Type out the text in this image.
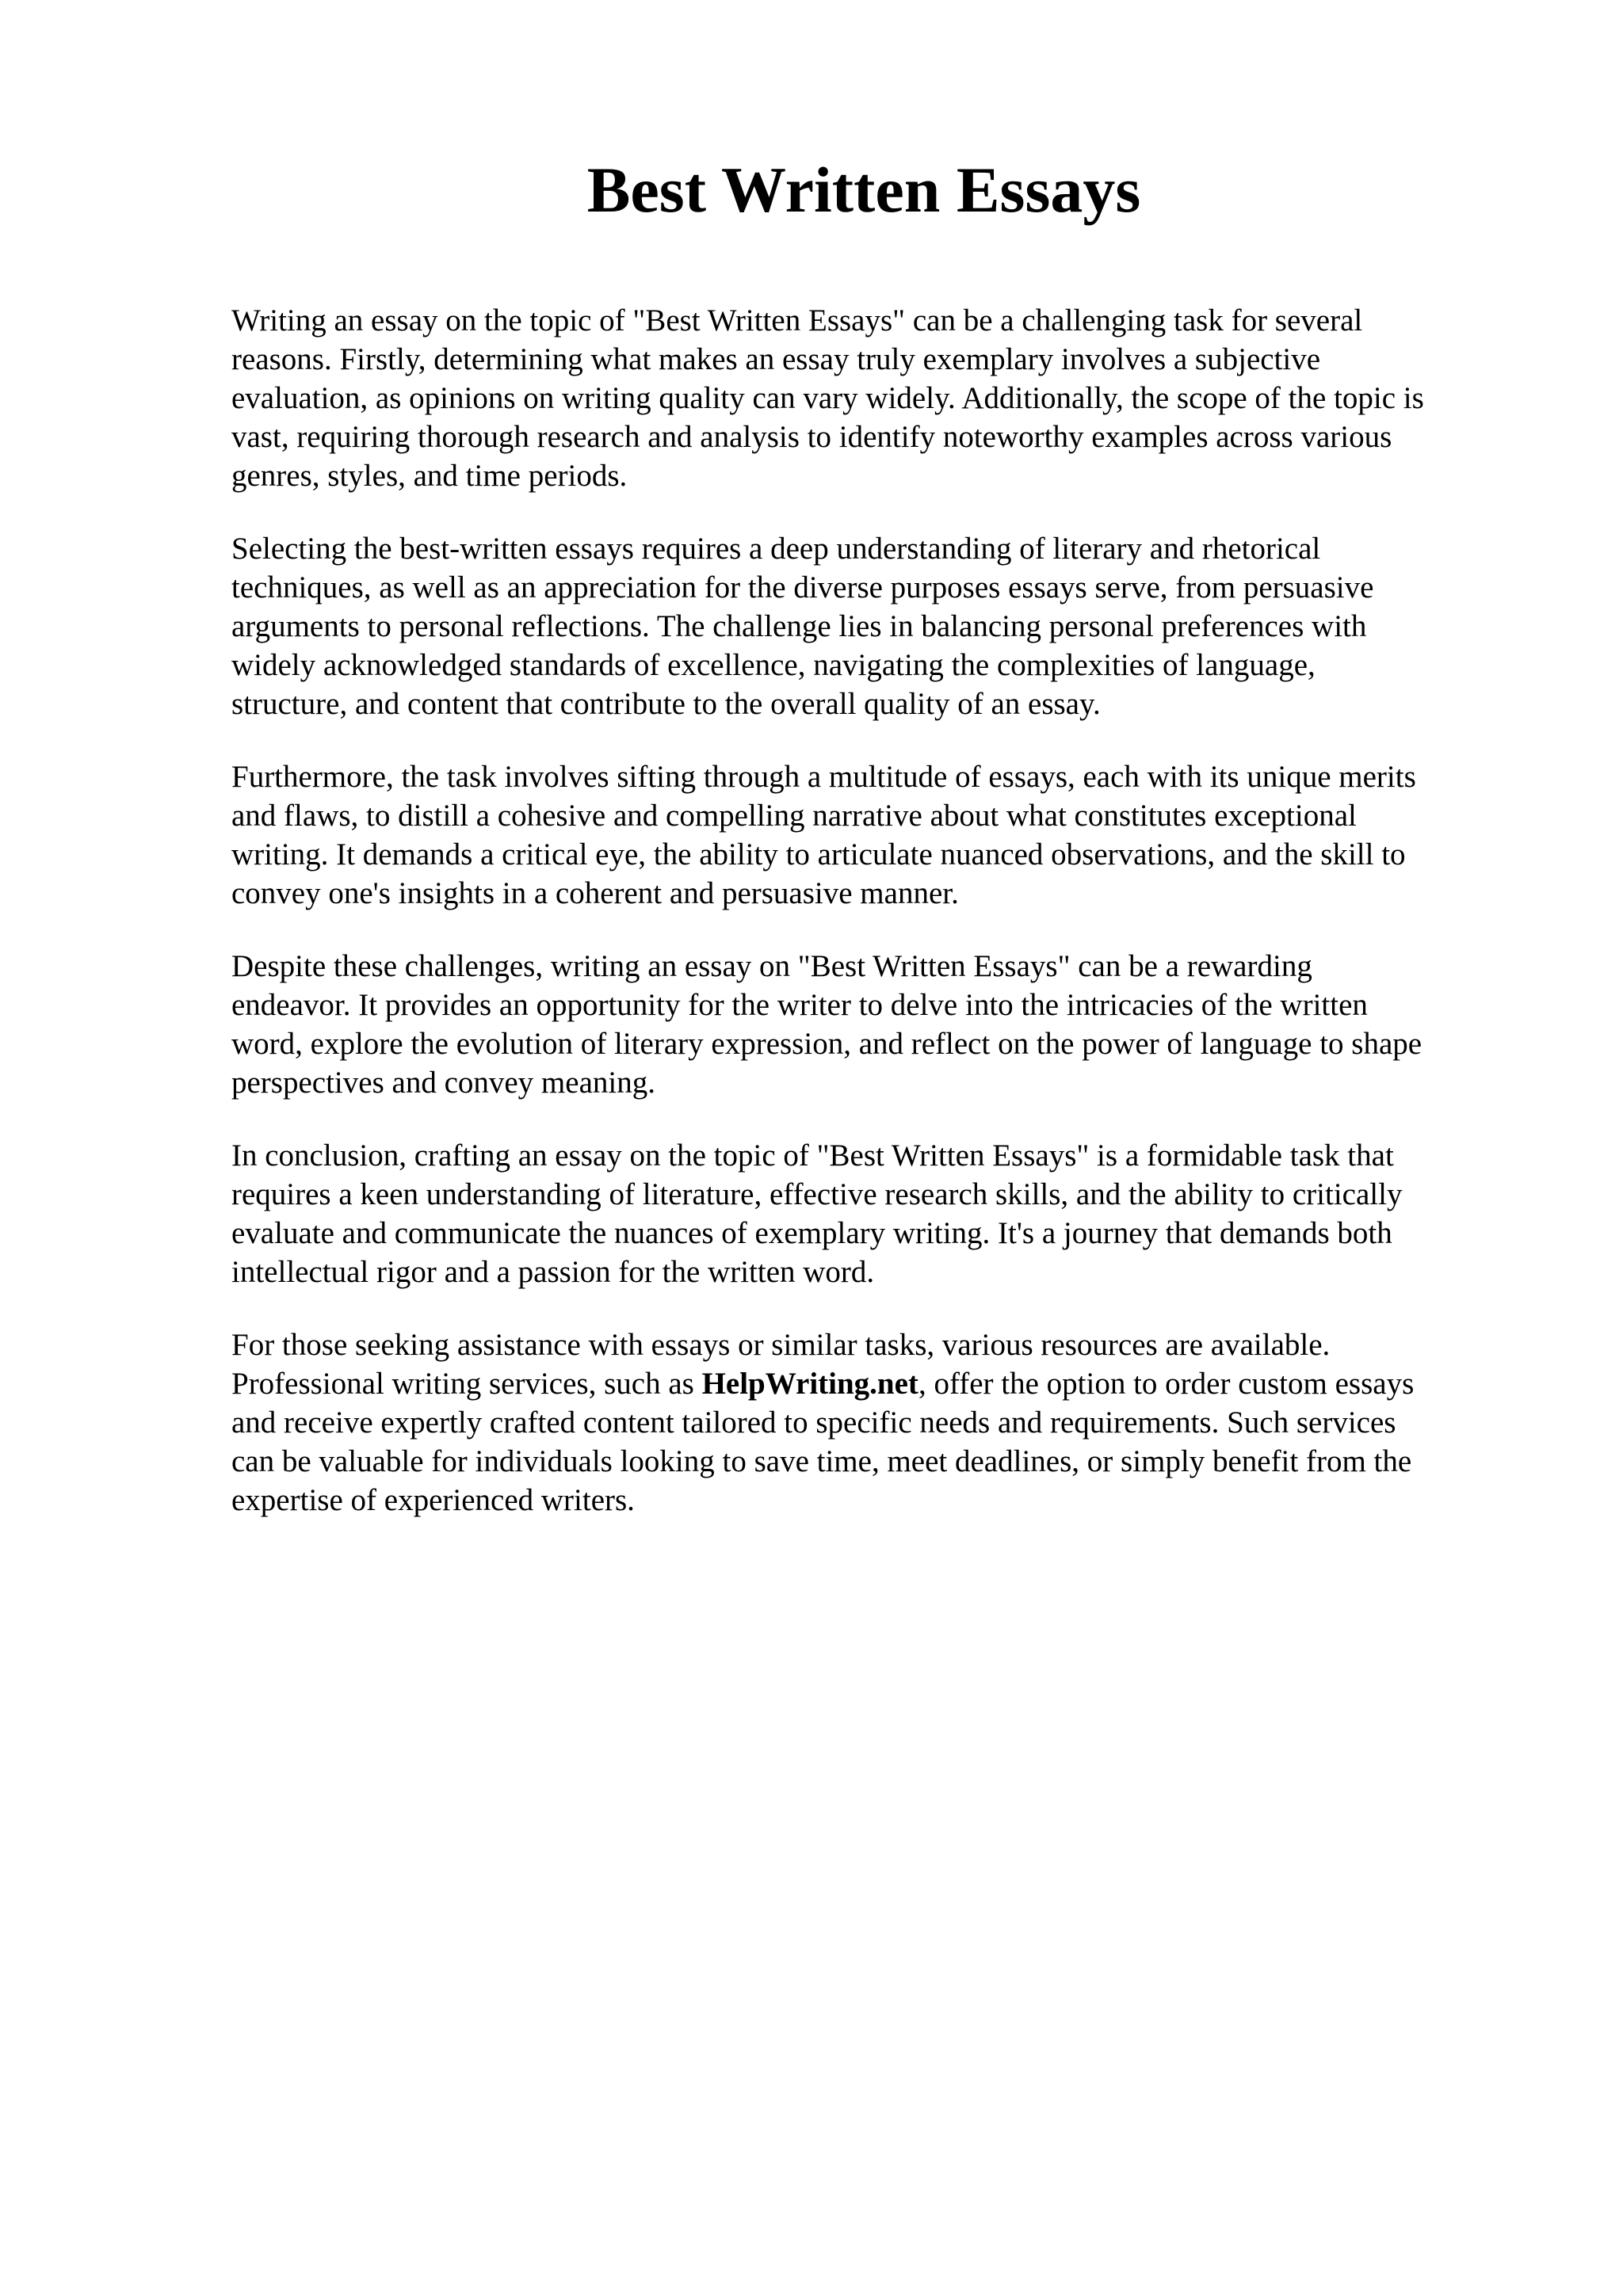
Best Written Essays

Writing an essay on the topic of "Best Written Essays" can be a challenging task for several
reasons. Firstly, determining what makes an essay truly exemplary involves a subjective
evaluation, as opinions on writing quality can vary widely. Additionally, the scope of the topic is
vast, requiring thorough research and analysis to identify noteworthy examples across various
genres, styles, and time periods.

Selecting the best-written essays requires a deep understanding of literary and rhetorical
techniques, as well as an appreciation for the diverse purposes essays serve, from persuasive
arguments to personal reflections. The challenge lies in balancing personal preferences with
widely acknowledged standards of excellence, navigating the complexities of language,
structure, and content that contribute to the overall quality of an essay.

Furthermore, the task involves sifting through a multitude of essays, each with its unique merits
and flaws, to distill a cohesive and compelling narrative about what constitutes exceptional
writing. It demands a critical eye, the ability to articulate nuanced observations, and the skill to
convey one's insights in a coherent and persuasive manner.

Despite these challenges, writing an essay on "Best Written Essays" can be a rewarding
endeavor. It provides an opportunity for the writer to delve into the intricacies of the written
word, explore the evolution of literary expression, and reflect on the power of language to shape
perspectives and convey meaning.

In conclusion, crafting an essay on the topic of "Best Written Essays" is a formidable task that
requires a keen understanding of literature, effective research skills, and the ability to critically
evaluate and communicate the nuances of exemplary writing. It's a journey that demands both
intellectual rigor and a passion for the written word.

For those seeking assistance with essays or similar tasks, various resources are available.
Professional writing services, such as HelpWriting.net, offer the option to order custom essays
and receive expertly crafted content tailored to specific needs and requirements. Such services
can be valuable for individuals looking to save time, meet deadlines, or simply benefit from the
expertise of experienced writers.
